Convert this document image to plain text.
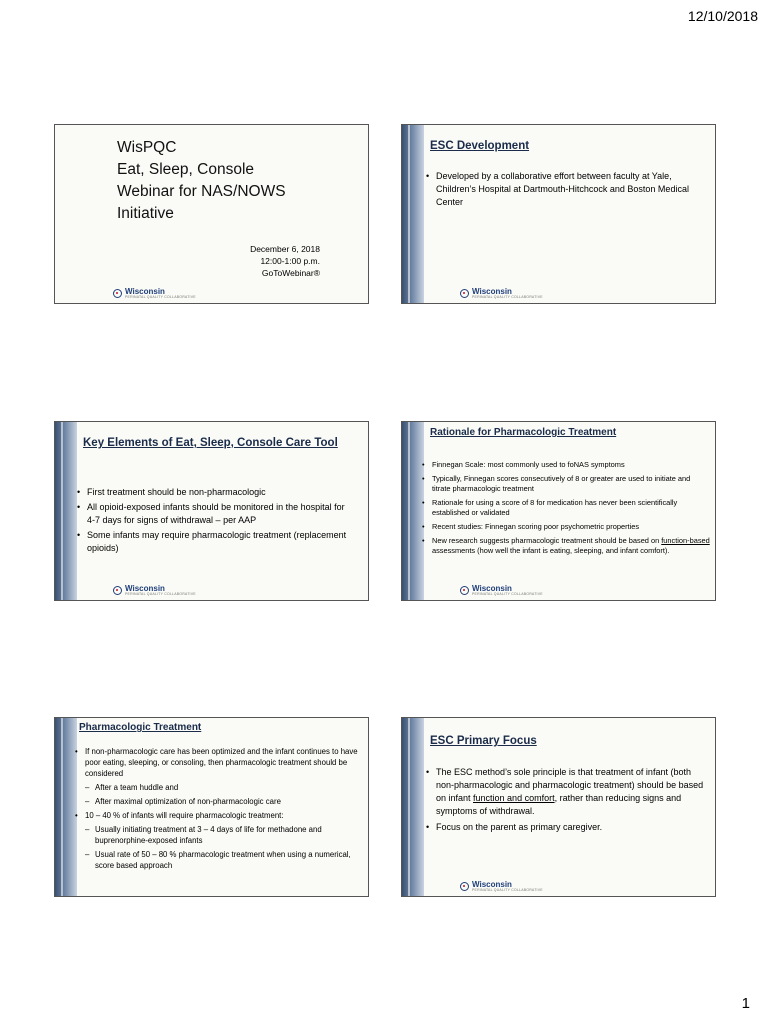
12/10/2018
WisPQC
Eat, Sleep, Console
Webinar for NAS/NOWS
Initiative
December 6, 2018
12:00-1:00 p.m.
GoToWebinar®
Wisconsin
PERINATAL QUALITY COLLABORATIVE
ESC Development
• Developed by a collaborative effort between faculty at Yale, Children’s Hospital at Dartmouth-Hitchcock and Boston Medical Center
Wisconsin
PERINATAL QUALITY COLLABORATIVE
Key Elements of Eat, Sleep, Console Care Tool
• First treatment should be non-pharmacologic
• All opioid-exposed infants should be monitored in the hospital for 4-7 days for signs of withdrawal – per AAP
• Some infants may require pharmacologic treatment (replacement opioids)
Wisconsin
PERINATAL QUALITY COLLABORATIVE
Rationale for Pharmacologic Treatment
• Finnegan Scale: most commonly used to foNAS symptoms
• Typically, Finnegan scores consecutively of 8 or greater are used to initiate and titrate pharmacologic treatment
• Rationale for using a score of 8 for medication has never been scientifically established or validated
• Recent studies: Finnegan scoring poor psychometric properties
• New research suggests pharmacologic treatment should be based on function-based assessments (how well the infant is eating, sleeping, and infant comfort).
Wisconsin
PERINATAL QUALITY COLLABORATIVE
Pharmacologic Treatment
• If non-pharmacologic care has been optimized and the infant continues to have poor eating, sleeping, or consoling, then pharmacologic treatment should be considered
– After a team huddle and
– After maximal optimization of non-pharmacologic care
• 10 – 40 % of infants will require pharmacologic treatment:
– Usually initiating treatment at 3 – 4 days of life for methadone and buprenorphine-exposed infants
– Usual rate of 50 – 80 % pharmacologic treatment when using a numerical, score based approach
ESC Primary Focus
• The ESC method’s sole principle is that treatment of infant (both non-pharmacologic and pharmacologic treatment) should be based on infant function and comfort, rather than reducing signs and symptoms of withdrawal.
• Focus on the parent as primary caregiver.
Wisconsin
PERINATAL QUALITY COLLABORATIVE
1
